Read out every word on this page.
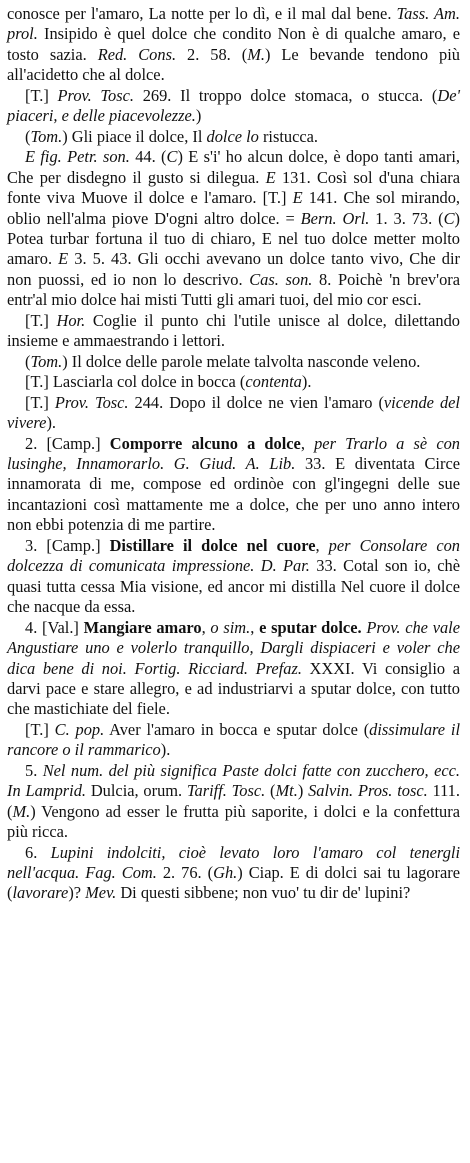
conosce per l'amaro, La notte per lo dì, e il mal dal bene. Tass. Am. prol. Insipido è quel dolce che condito Non è di qualche amaro, e tosto sazia. Red. Cons. 2. 58. (M.) Le bevande tendono più all'acidetto che al dolce.

[T.] Prov. Tosc. 269. Il troppo dolce stomaca, o stucca. (De' piaceri, e delle piacevolezze.)

(Tom.) Gli piace il dolce, Il dolce lo ristucca.

E fig. Petr. son. 44. (C) E s'i' ho alcun dolce, è dopo tanti amari, Che per disdegno il gusto si dilegua. E 131. Così sol d'una chiara fonte viva Muove il dolce e l'amaro. [T.] E 141. Che sol mirando, oblio nell'alma piove D'ogni altro dolce. = Bern. Orl. 1. 3. 73. (C) Potea turbar fortuna il tuo di chiaro, E nel tuo dolce metter molto amaro. E 3. 5. 43. Gli occhi avevano un dolce tanto vivo, Che dir non puossi, ed io non lo descrivo. Cas. son. 8. Poichè 'n brev'ora entr'al mio dolce hai misti Tutti gli amari tuoi, del mio cor esci.

[T.] Hor. Coglie il punto chi l'utile unisce al dolce, dilettando insieme e ammaestrando i lettori.

(Tom.) Il dolce delle parole melate talvolta nasconde veleno.

[T.] Lasciarla col dolce in bocca (contenta).

[T.] Prov. Tosc. 244. Dopo il dolce ne vien l'amaro (vicende del vivere).

2. [Camp.] Comporre alcuno a dolce, per Trarlo a sè con lusinghe, Innamorarlo. G. Giud. A. Lib. 33. E diventata Circe innamorata di me, compose ed ordinòe con gl'ingegni delle sue incantazioni così mattamente me a dolce, che per uno anno intero non ebbi potenzia di me partire.

3. [Camp.] Distillare il dolce nel cuore, per Consolare con dolcezza di comunicata impressione. D. Par. 33. Cotal son io, chè quasi tutta cessa Mia visione, ed ancor mi distilla Nel cuore il dolce che nacque da essa.

4. [Val.] Mangiare amaro, o sim., e sputar dolce. Prov. che vale Angustiare uno e volerlo tranquillo, Dargli dispiaceri e voler che dica bene di noi. Fortig. Ricciard. Prefaz. XXXI. Vi consiglio a darvi pace e stare allegro, e ad industriarvi a sputar dolce, con tutto che mastichiate del fiele.

[T.] C. pop. Aver l'amaro in bocca e sputar dolce (dissimulare il rancore o il rammarico).

5. Nel num. del più significa Paste dolci fatte con zucchero, ecc. In Lamprid. Dulcia, orum. Tariff. Tosc. (Mt.) Salvin. Pros. tosc. 111. (M.) Vengono ad esser le frutta più saporite, i dolci e la confettura più ricca.

6. Lupini indolciti, cioè levato loro l'amaro col tenergli nell'acqua. Fag. Com. 2. 76. (Gh.) Ciap. E di dolci sai tu lagorare (lavorare)? Mev. Di questi sibbene; non vuo' tu dir de' lupini?
